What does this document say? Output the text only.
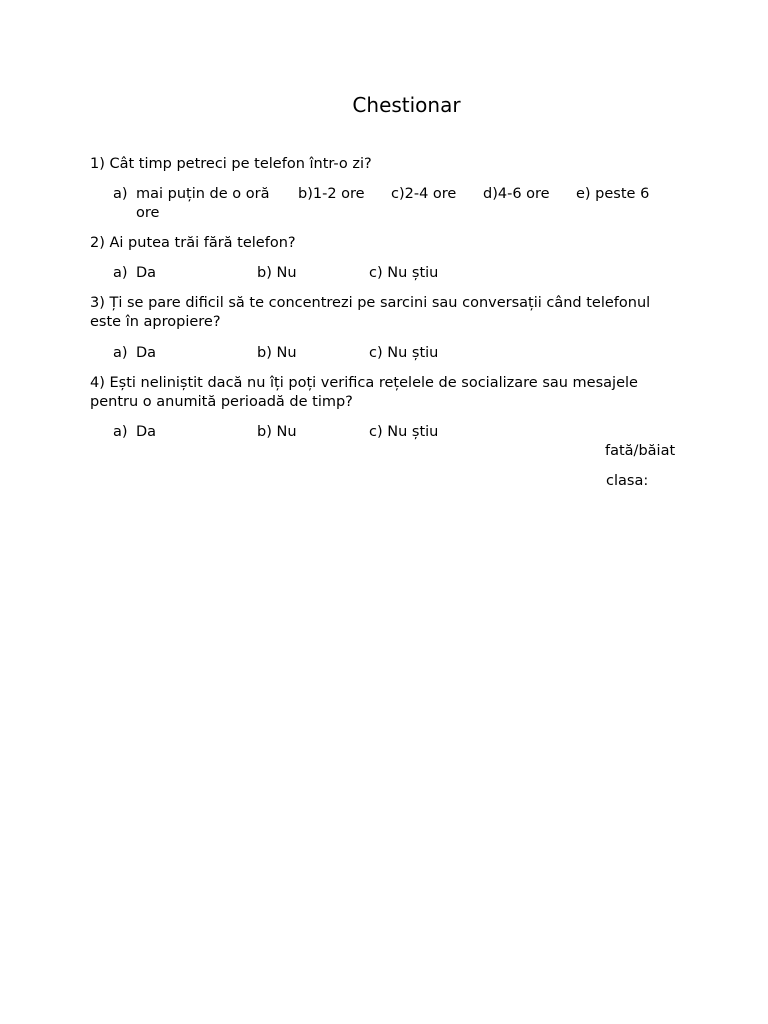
Chestionar
1) Cât timp petreci pe telefon într-o zi?
a) mai puțin de o oră b)1-2 ore c)2-4 ore d)4-6 ore e) peste 6
ore
2) Ai putea trăi fără telefon?
a) Da	b) Nu	c) Nu știu
3) Ți se pare dificil să te concentrezi pe sarcini sau conversații când telefonul
este în apropiere?
a) Da	b) Nu	c) Nu știu
4) Ești neliniștit dacă nu îți poți verifica rețelele de socializare sau mesajele
pentru o anumită perioadă de timp?
a) Da	b) Nu	c) Nu știu
fată/băiat
clasa:
